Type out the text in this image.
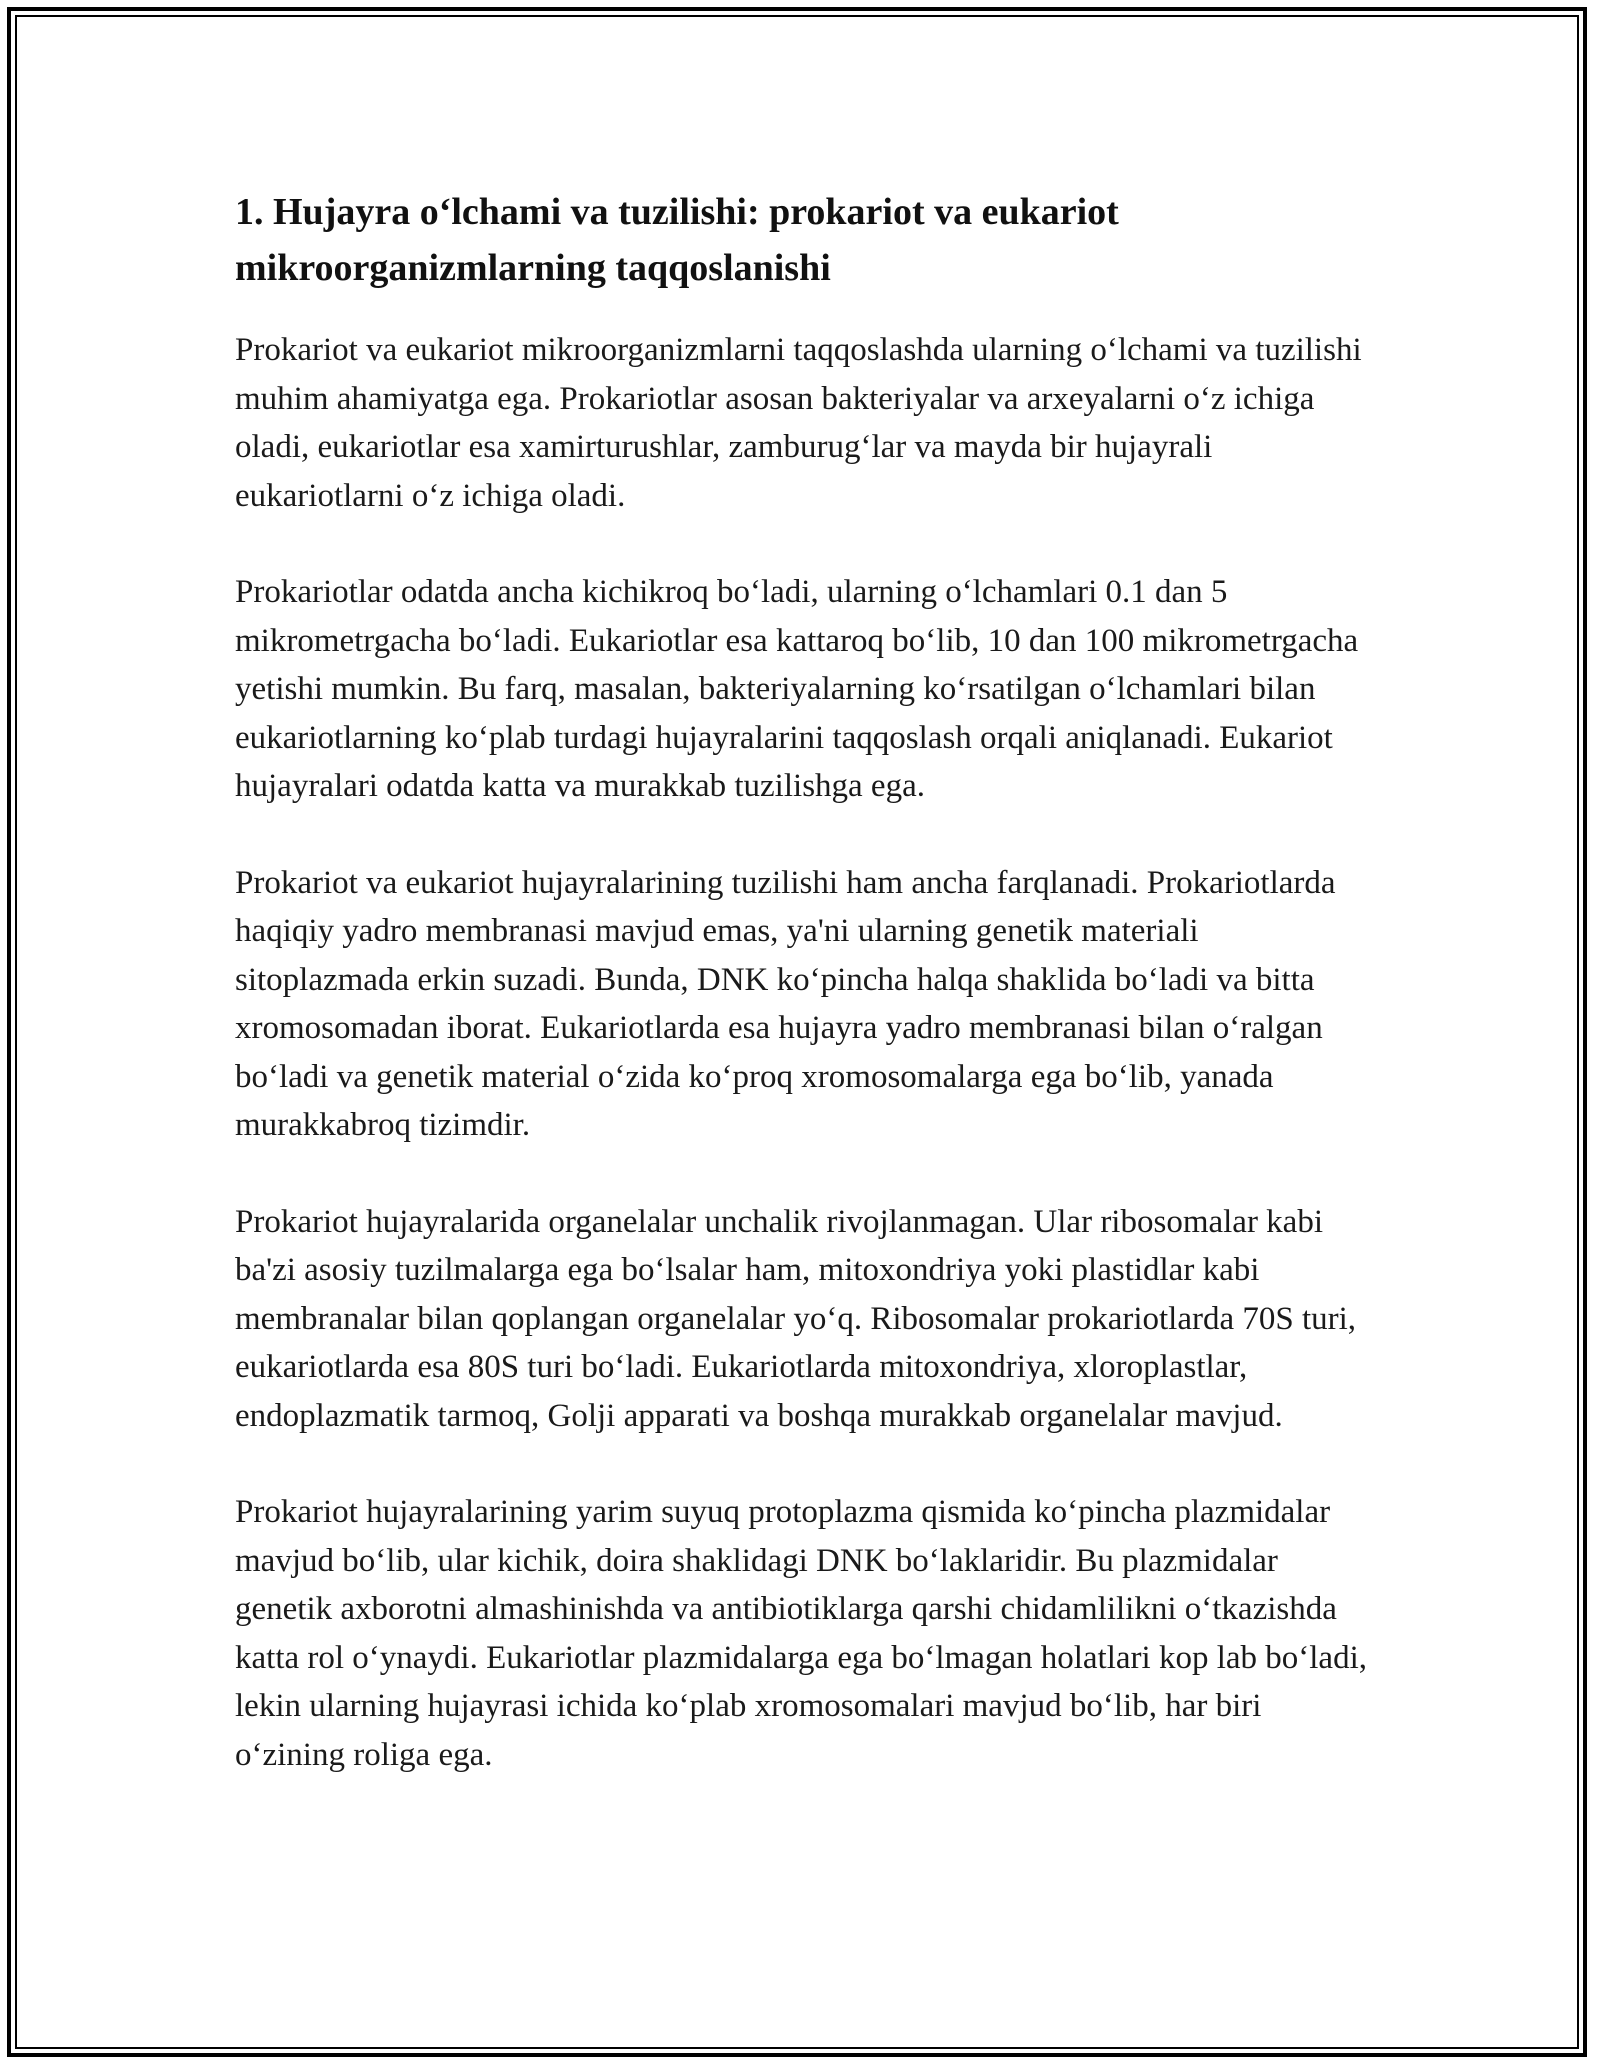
1. Hujayra o‘lchami va tuzilishi: prokariot va eukariot mikroorganizmlarning taqqoslanishi

Prokariot va eukariot mikroorganizmlarni taqqoslashda ularning o‘lchami va tuzilishi muhim ahamiyatga ega. Prokariotlar asosan bakteriyalar va arxeyalarni o‘z ichiga oladi, eukariotlar esa xamirturushlar, zamburug‘lar va mayda bir hujayrali eukariotlarni o‘z ichiga oladi.

Prokariotlar odatda ancha kichikroq bo‘ladi, ularning o‘lchamlari 0.1 dan 5 mikrometrgacha bo‘ladi. Eukariotlar esa kattaroq bo‘lib, 10 dan 100 mikrometrgacha yetishi mumkin. Bu farq, masalan, bakteriyalarning ko‘rsatilgan o‘lchamlari bilan eukariotlarning ko‘plab turdagi hujayralarini taqqoslash orqali aniqlanadi. Eukariot hujayralari odatda katta va murakkab tuzilishga ega.

Prokariot va eukariot hujayralarining tuzilishi ham ancha farqlanadi. Prokariotlarda haqiqiy yadro membranasi mavjud emas, ya'ni ularning genetik materiali sitoplazmada erkin suzadi. Bunda, DNK ko‘pincha halqa shaklida bo‘ladi va bitta xromosomadan iborat. Eukariotlarda esa hujayra yadro membranasi bilan o‘ralgan bo‘ladi va genetik material o‘zida ko‘proq xromosomalarga ega bo‘lib, yanada murakkabroq tizimdir.

Prokariot hujayralarida organelalar unchalik rivojlanmagan. Ular ribosomalar kabi ba'zi asosiy tuzilmalarga ega bo‘lsalar ham, mitoxondriya yoki plastidlar kabi membranalar bilan qoplangan organelalar yo‘q. Ribosomalar prokariotlarda 70S turi, eukariotlarda esa 80S turi bo‘ladi. Eukariotlarda mitoxondriya, xloroplastlar, endoplazmatik tarmoq, Golji apparati va boshqa murakkab organelalar mavjud.

Prokariot hujayralarining yarim suyuq protoplazma qismida ko‘pincha plazmidalar mavjud bo‘lib, ular kichik, doira shaklidagi DNK bo‘laklaridir. Bu plazmidalar genetik axborotni almashinishda va antibiotiklarga qarshi chidamlilikni o‘tkazishda katta rol o‘ynaydi. Eukariotlar plazmidalarga ega bo‘lmagan holatlari kop lab bo‘ladi, lekin ularning hujayrasi ichida ko‘plab xromosomalari mavjud bo‘lib, har biri o‘zining roliga ega.
